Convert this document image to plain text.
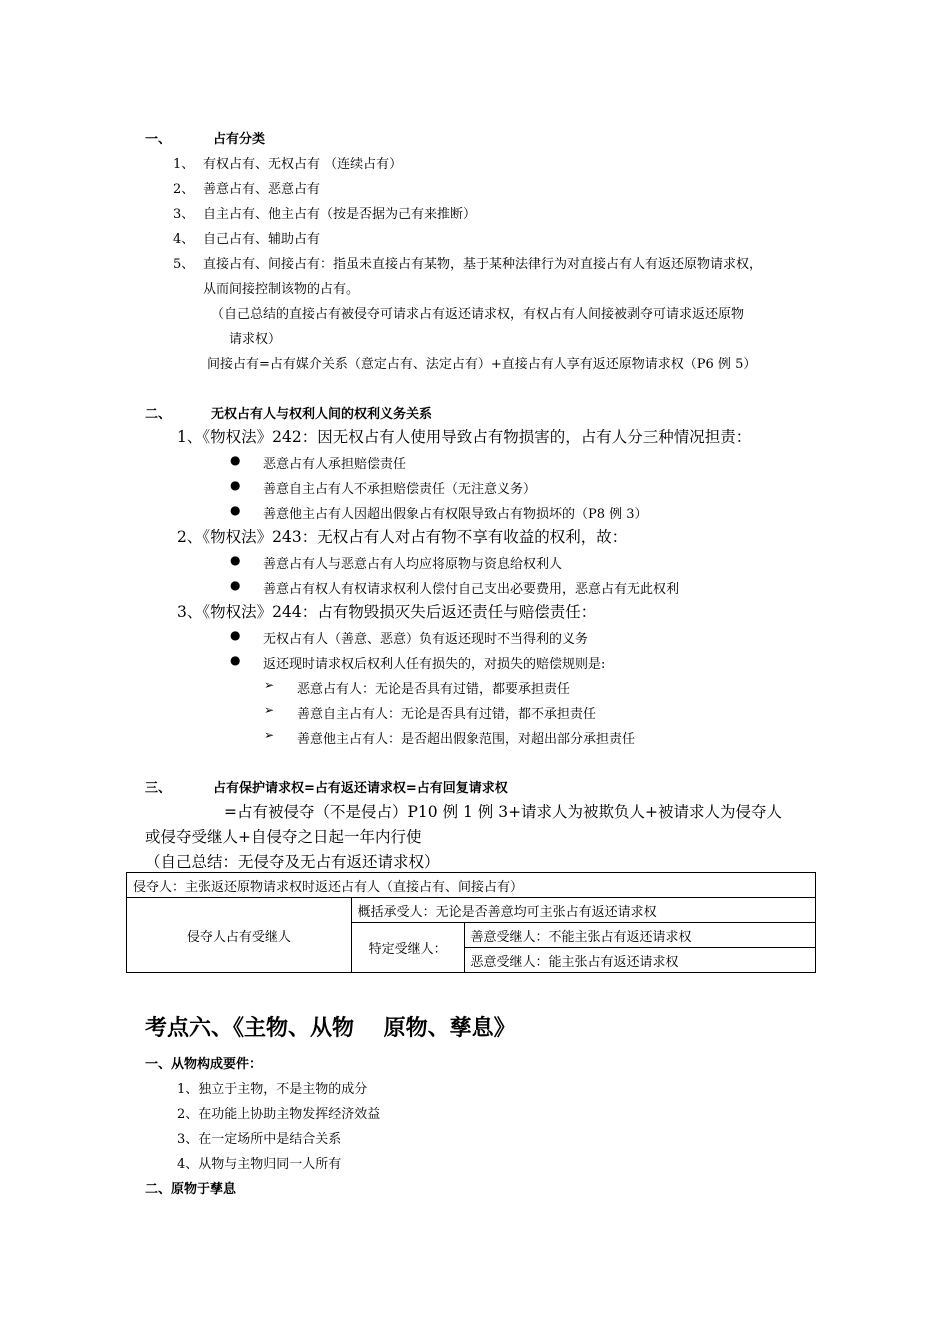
一、	占有分类
1、 有权占有、无权占有 （连续占有）
2、 善意占有、恶意占有
3、 自主占有、他主占有（按是否据为己有来推断）
4、 自己占有、辅助占有
5、 直接占有、间接占有：指虽未直接占有某物，基于某种法律行为对直接占有人有返还原物请求权，
从而间接控制该物的占有。
（自己总结的直接占有被侵夺可请求占有返还请求权，有权占有人间接被剥夺可请求返还原物
请求权）
间接占有=占有媒介关系（意定占有、法定占有）+直接占有人享有返还原物请求权（P6 例 5）
二、	无权占有人与权利人间的权利义务关系
1、《物权法》242：因无权占有人使用导致占有物损害的，占有人分三种情况担责：
● 恶意占有人承担赔偿责任
● 善意自主占有人不承担赔偿责任（无注意义务）
● 善意他主占有人因超出假象占有权限导致占有物损坏的（P8 例 3）
2、《物权法》243：无权占有人对占有物不享有收益的权利，故：
● 善意占有人与恶意占有人均应将原物与资息给权利人
● 善意占有权人有权请求权利人偿付自己支出必要费用，恶意占有无此权利
3、《物权法》244：占有物毁损灭失后返还责任与赔偿责任：
● 无权占有人（善意、恶意）负有返还现时不当得利的义务
● 返还现时请求权后权利人任有损失的，对损失的赔偿规则是:
➢ 恶意占有人：无论是否具有过错，都要承担责任
➢ 善意自主占有人：无论是否具有过错，都不承担责任
➢ 善意他主占有人：是否超出假象范围，对超出部分承担责任
三、	占有保护请求权=占有返还请求权=占有回复请求权
=占有被侵夺（不是侵占）P10 例 1 例 3+请求人为被欺负人+被请求人为侵夺人
或侵夺受继人+自侵夺之日起一年内行使
（自己总结：无侵夺及无占有返还请求权）
侵夺人：主张返还原物请求权时返还占有人（直接占有、间接占有）		
侵夺人占有受继人	概括承受人：无论是否善意均可主张占有返还请求权	
	特定受继人：	善意受继人：不能主张占有返还请求权
		恶意受继人：能主张占有返还请求权
考点六、《主物、从物　 原物、孳息》
一、从物构成要件：
1、独立于主物，不是主物的成分
2、在功能上协助主物发挥经济效益
3、在一定场所中是结合关系
4、从物与主物归同一人所有
二、原物于孳息
